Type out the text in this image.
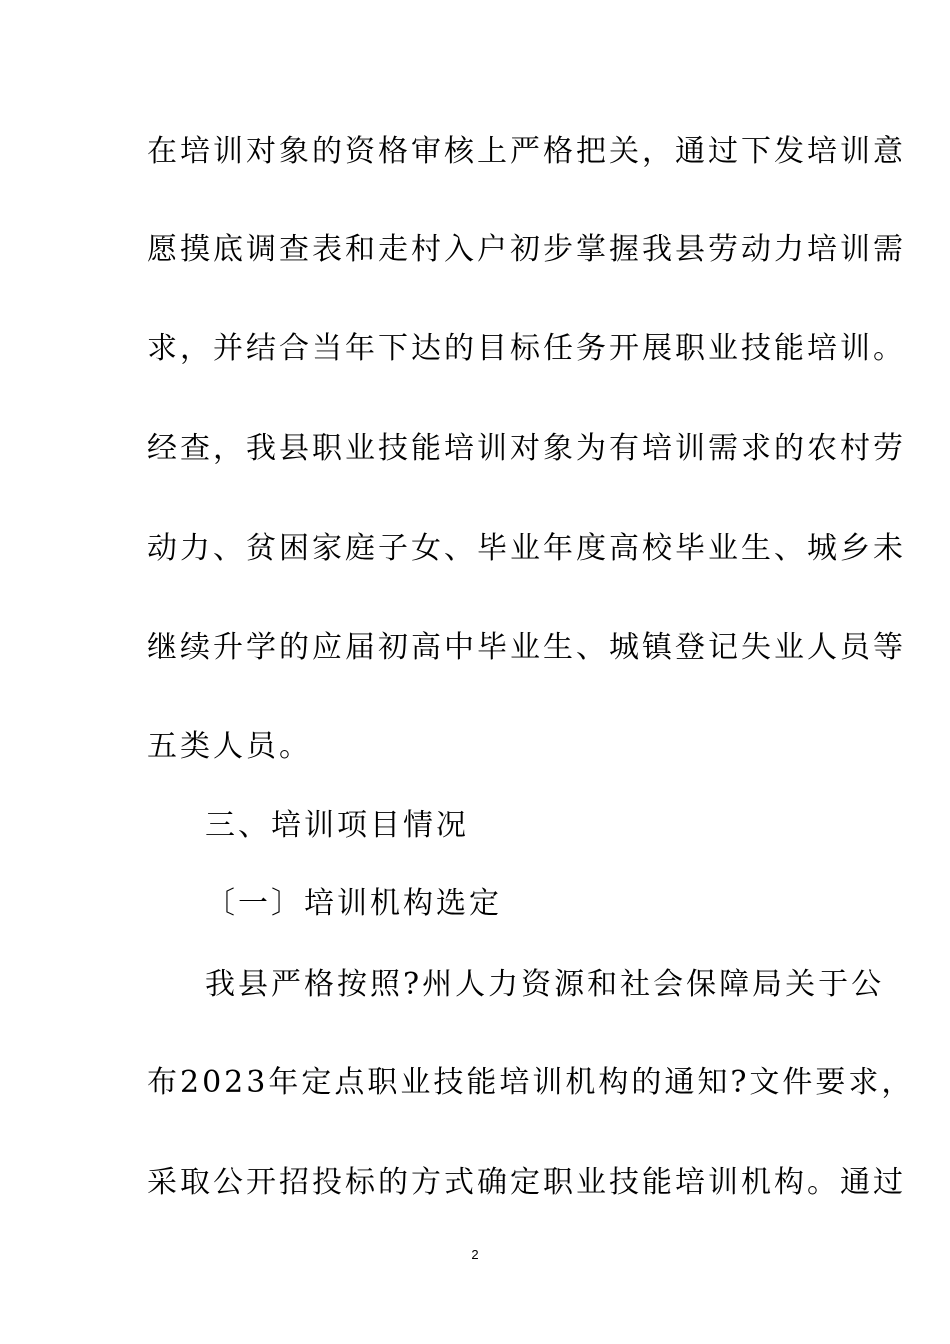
在培训对象的资格审核上严格把关，通过下发培训意
愿摸底调查表和走村入户初步掌握我县劳动力培训需
求，并结合当年下达的目标任务开展职业技能培训。
经查，我县职业技能培训对象为有培训需求的农村劳
动力、贫困家庭子女、毕业年度高校毕业生、城乡未
继续升学的应届初高中毕业生、城镇登记失业人员等
五类人员。
三、培训项目情况
〔一〕培训机构选定
我县严格按照?州人力资源和社会保障局关于公
布2023年定点职业技能培训机构的通知?文件要求，
采取公开招投标的方式确定职业技能培训机构。通过
2
